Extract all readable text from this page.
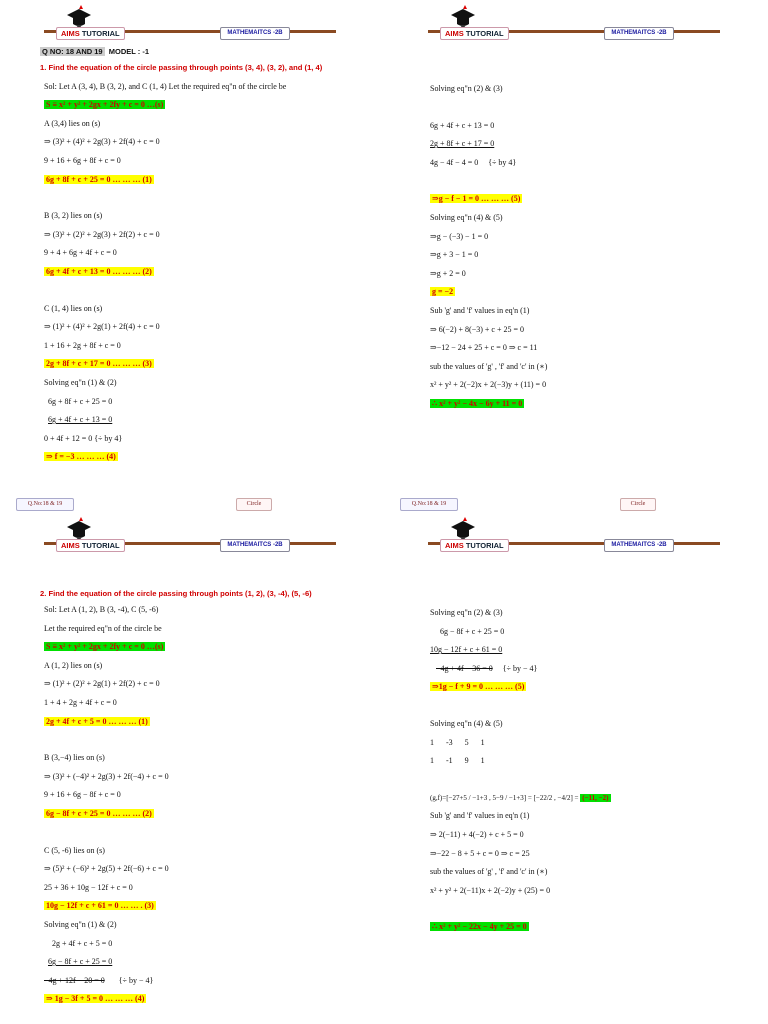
AIMS TUTORIAL	MATHEMAITCS -2B
Q NO: 18 AND 19 MODEL : -1
1. Find the equation of the circle passing through points (3, 4), (3, 2), and (1, 4)
Sol: Let A (3, 4), B (3, 2), and C (1, 4) Let the required eq"n of the circle be
S ≡ x² + y² + 2gx + 2fy + c = 0 …(s)
A (3,4) lies on (s)
⇒ (3)² + (4)² + 2g(3) + 2f(4) + c = 0
9 + 16 + 6g + 8f + c = 0
6g + 8f + c + 25 = 0 … … … (1)
B (3, 2) lies on (s)
⇒ (3)² + (2)² + 2g(3) + 2f(2) + c = 0
9 + 4 + 6g + 4f + c = 0
6g + 4f + c + 13 = 0 … … … (2)
C (1, 4) lies on (s)
⇒ (1)² + (4)² + 2g(1) + 2f(4) + c = 0
1 + 16 + 2g + 8f + c = 0
2g + 8f + c + 17 = 0 … … … (3)
Solving eq"n (1) & (2)
6g + 8f + c + 25 = 0
6g + 4f + c + 13 = 0
0 + 4f + 12 = 0 {÷ by 4}
⇒ f = −3 … … … (4)
Q.No:18 & 19	Circle
AIMS TUTORIAL	MATHEMAITCS -2B
Solving eq"n (2) & (3)
6g + 4f + c + 13 = 0
2g + 8f + c + 17 = 0
4g − 4f − 4 = 0 {÷ by 4}
⇒g − f − 1 = 0 … … … (5)
Solving eq"n (4) & (5)
⇒g − (−3) − 1 = 0
⇒g + 3 − 1 = 0
⇒g + 2 = 0
g = −2
Sub 'g' and 'f' values in eq'n (1)
⇒ 6(−2) + 8(−3) + c + 25 = 0
⇒−12 − 24 + 25 + c = 0 ⇒ c = 11
sub the values of 'g' , 'f' and 'c' in (∗)
x² + y² + 2(−2)x + 2(−3)y + (11) = 0
∴ x² + y² − 4x − 6y + 11 = 0
Q.No:18 & 19	Circle
AIMS TUTORIAL	MATHEMAITCS -2B
2. Find the equation of the circle passing through points (1, 2), (3, -4), (5, -6)
Sol: Let A (1, 2), B (3, -4), C (5, -6)
Let the required eq"n of the circle be
S ≡ x² + y² + 2gx + 2fy + c = 0 …(s)
A (1, 2) lies on (s)
⇒ (1)² + (2)² + 2g(1) + 2f(2) + c = 0
1 + 4 + 2g + 4f + c = 0
2g + 4f + c + 5 = 0 … … … (1)
B (3,−4) lies on (s)
⇒ (3)² + (−4)² + 2g(3) + 2f(−4) + c = 0
9 + 16 + 6g − 8f + c = 0
6g − 8f + c + 25 = 0 … … … (2)
C (5, -6) lies on (s)
⇒ (5)² + (−6)² + 2g(5) + 2f(−6) + c = 0
25 + 36 + 10g − 12f + c = 0
10g − 12f + c + 61 = 0 … … . (3)
Solving eq"n (1) & (2)
2g + 4f + c + 5 = 0
6g − 8f + c + 25 = 0
−4g + 12f − 20 = 0 {÷ by − 4}
⇒ 1g − 3f + 5 = 0 … … … (4)
AIMS TUTORIAL	MATHEMAITCS -2B
Solving eq"n (2) & (3)
6g − 8f + c + 25 = 0
10g − 12f + c + 61 = 0
−4g + 4f − 36 = 0 {÷ by − 4}
⇒1g − f + 9 = 0 … … … (5)
Solving eq"n (4) & (5)
1      -3      5      1
1      -1      9      1
(g,f)=[−27+5 / −1+3 , 5−9 / −1+3] = [−22/2 , −4/2] = (−11, −2)
Sub 'g' and 'f' values in eq'n (1)
⇒ 2(−11) + 4(−2) + c + 5 = 0
⇒−22 − 8 + 5 + c = 0 ⇒ c = 25
sub the values of 'g' , 'f' and 'c' in (∗)
x² + y² + 2(−11)x + 2(−2)y + (25) = 0
∴ x² + y² − 22x − 4y + 25 = 0
